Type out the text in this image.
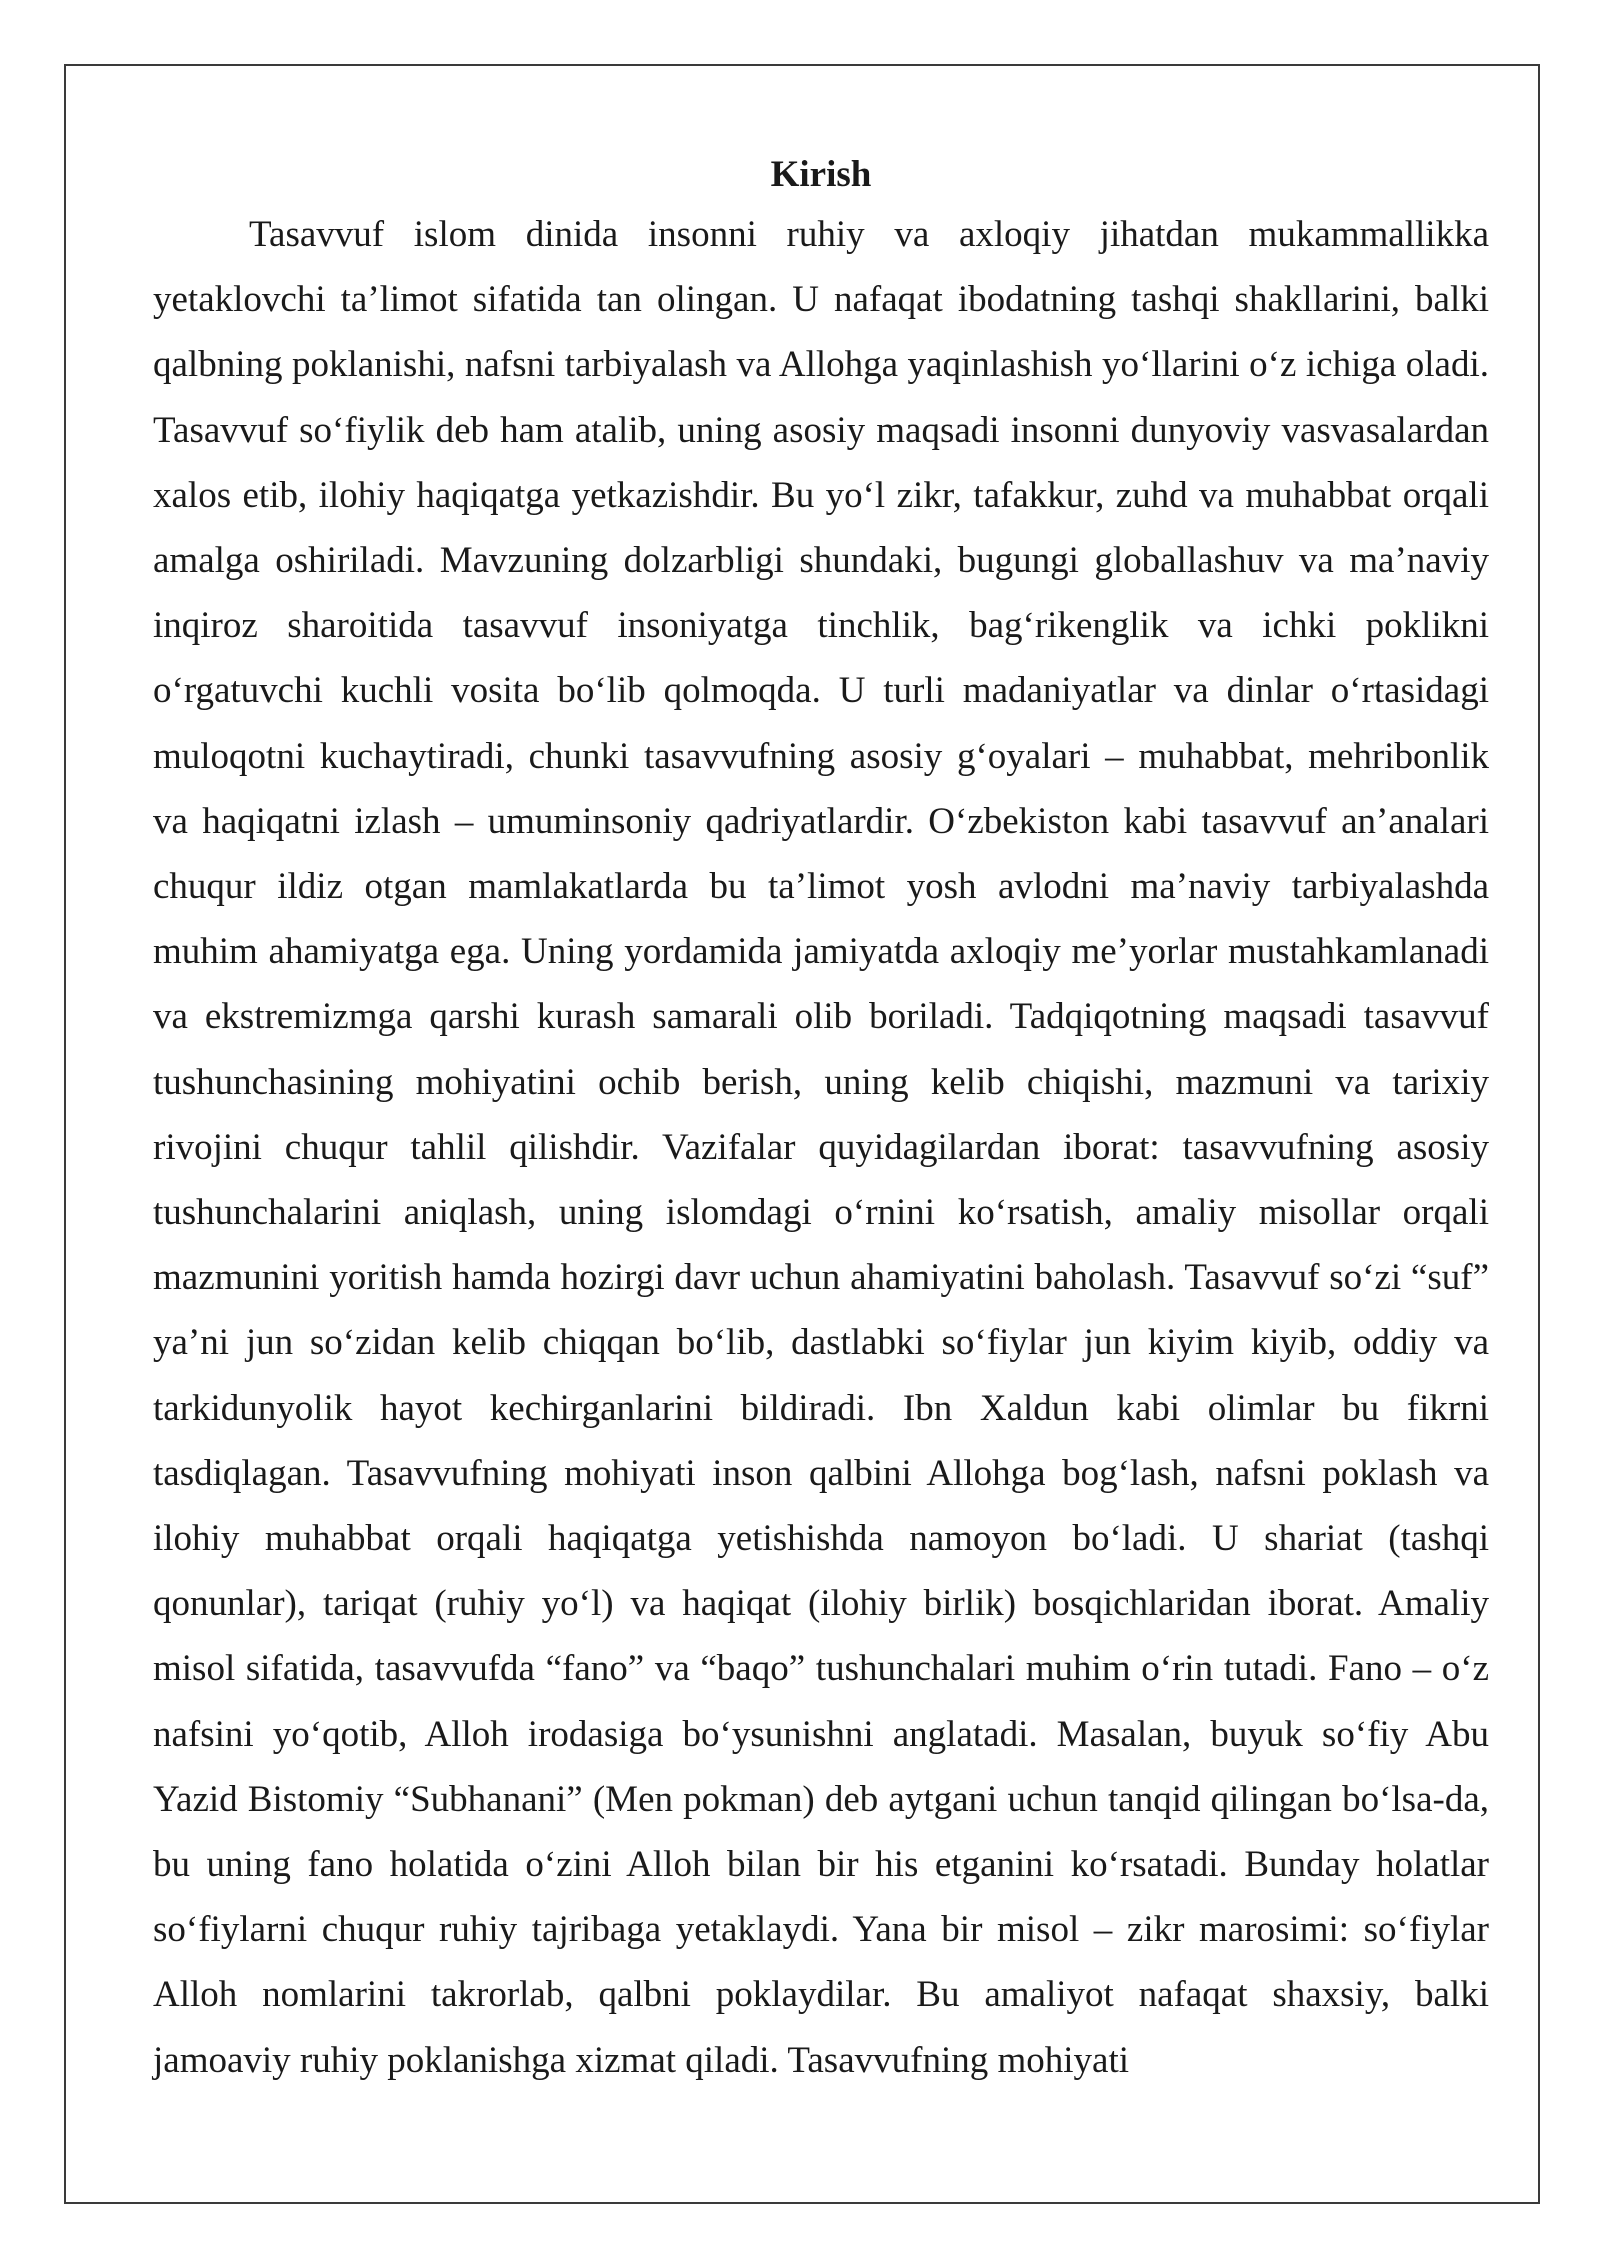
Kirish

Tasavvuf islom dinida insonni ruhiy va axloqiy jihatdan mukammallikka yetaklovchi ta’limot sifatida tan olingan. U nafaqat ibodatning tashqi shakllarini, balki qalbning poklanishi, nafsni tarbiyalash va Allohga yaqinlashish yo‘llarini o‘z ichiga oladi. Tasavvuf so‘fiylik deb ham atalib, uning asosiy maqsadi insonni dunyoviy vasvasalardan xalos etib, ilohiy haqiqatga yetkazishdir. Bu yo‘l zikr, tafakkur, zuhd va muhabbat orqali amalga oshiriladi. Mavzuning dolzarbligi shundaki, bugungi globallashuv va ma’naviy inqiroz sharoitida tasavvuf insoniyatga tinchlik, bag‘rikenglik va ichki poklikni o‘rgatuvchi kuchli vosita bo‘lib qolmoqda. U turli madaniyatlar va dinlar o‘rtasidagi muloqotni kuchaytiradi, chunki tasavvufning asosiy g‘oyalari – muhabbat, mehribonlik va haqiqatni izlash – umuminsoniy qadriyatlardir. O‘zbekiston kabi tasavvuf an’analari chuqur ildiz otgan mamlakatlarda bu ta’limot yosh avlodni ma’naviy tarbiyalashda muhim ahamiyatga ega. Uning yordamida jamiyatda axloqiy me’yorlar mustahkamlanadi va ekstremizmga qarshi kurash samarali olib boriladi. Tadqiqotning maqsadi tasavvuf tushunchasining mohiyatini ochib berish, uning kelib chiqishi, mazmuni va tarixiy rivojini chuqur tahlil qilishdir. Vazifalar quyidagilardan iborat: tasavvufning asosiy tushunchalarini aniqlash, uning islomdagi o‘rnini ko‘rsatish, amaliy misollar orqali mazmunini yoritish hamda hozirgi davr uchun ahamiyatini baholash. Tasavvuf so‘zi “suf” ya’ni jun so‘zidan kelib chiqqan bo‘lib, dastlabki so‘fiylar jun kiyim kiyib, oddiy va tarkidunyolik hayot kechirganlarini bildiradi. Ibn Xaldun kabi olimlar bu fikrni tasdiqlagan. Tasavvufning mohiyati inson qalbini Allohga bog‘lash, nafsni poklash va ilohiy muhabbat orqali haqiqatga yetishishda namoyon bo‘ladi. U shariat (tashqi qonunlar), tariqat (ruhiy yo‘l) va haqiqat (ilohiy birlik) bosqichlaridan iborat. Amaliy misol sifatida, tasavvufda “fano” va “baqo” tushunchalari muhim o‘rin tutadi. Fano – o‘z nafsini yo‘qotib, Alloh irodasiga bo‘ysunishni anglatadi. Masalan, buyuk so‘fiy Abu Yazid Bistomiy “Subhanani” (Men pokman) deb aytgani uchun tanqid qilingan bo‘lsa-da, bu uning fano holatida o‘zini Alloh bilan bir his etganini ko‘rsatadi. Bunday holatlar so‘fiylarni chuqur ruhiy tajribaga yetaklaydi. Yana bir misol – zikr marosimi: so‘fiylar Alloh nomlarini takrorlab, qalbni poklaydilar. Bu amaliyot nafaqat shaxsiy, balki jamoaviy ruhiy poklanishga xizmat qiladi. Tasavvufning mohiyati
